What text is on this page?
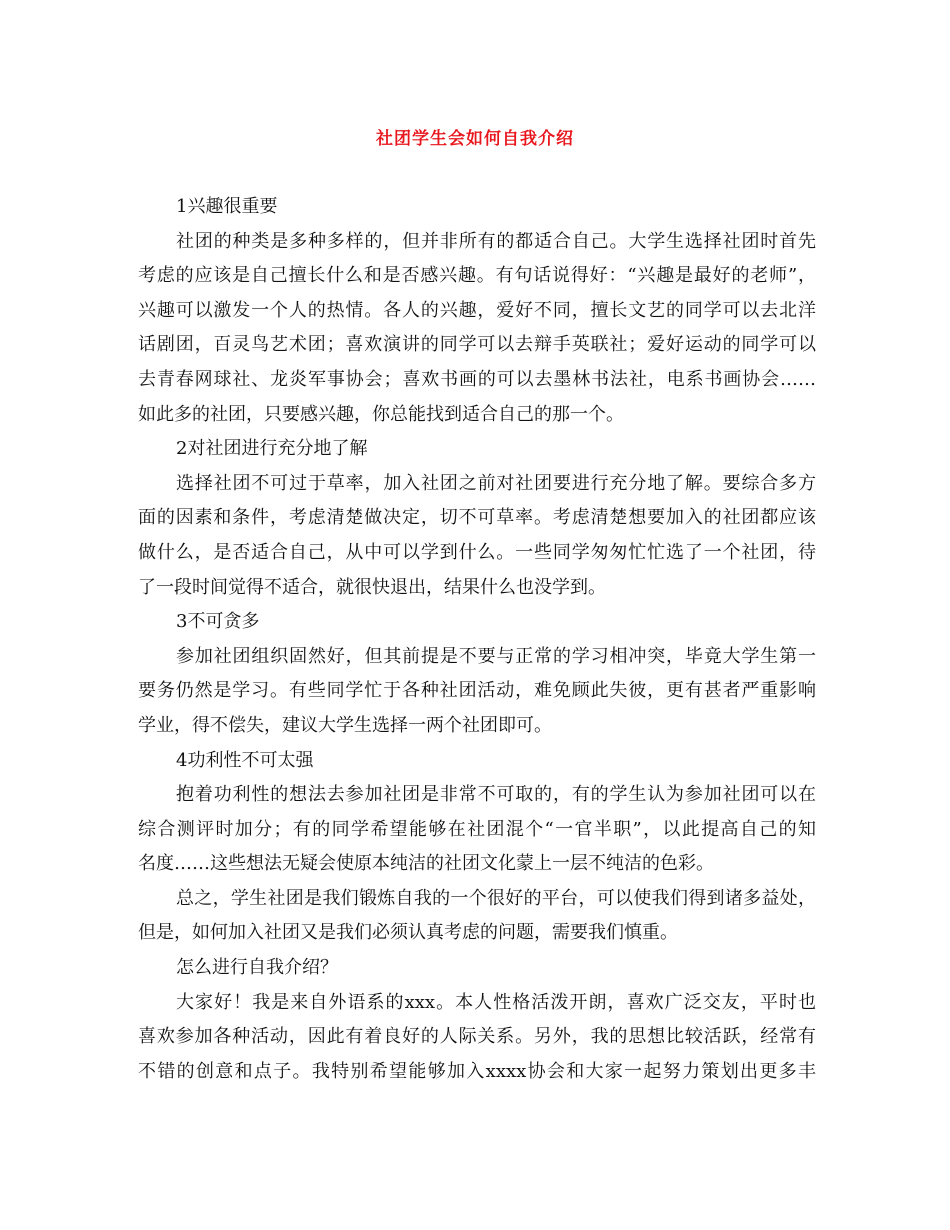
社团学生会如何自我介绍
1兴趣很重要
社团的种类是多种多样的，但并非所有的都适合自己。大学生选择社团时首先
考虑的应该是自己擅长什么和是否感兴趣。有句话说得好：“兴趣是最好的老师”，
兴趣可以激发一个人的热情。各人的兴趣，爱好不同，擅长文艺的同学可以去北洋
话剧团，百灵鸟艺术团；喜欢演讲的同学可以去辩手英联社；爱好运动的同学可以
去青春网球社、龙炎军事协会；喜欢书画的可以去墨林书法社，电系书画协会……
如此多的社团，只要感兴趣，你总能找到适合自己的那一个。
2对社团进行充分地了解
选择社团不可过于草率，加入社团之前对社团要进行充分地了解。要综合多方
面的因素和条件，考虑清楚做决定，切不可草率。考虑清楚想要加入的社团都应该
做什么，是否适合自己，从中可以学到什么。一些同学匆匆忙忙选了一个社团，待
了一段时间觉得不适合，就很快退出，结果什么也没学到。
3不可贪多
参加社团组织固然好，但其前提是不要与正常的学习相冲突，毕竟大学生第一
要务仍然是学习。有些同学忙于各种社团活动，难免顾此失彼，更有甚者严重影响
学业，得不偿失，建议大学生选择一两个社团即可。
4功利性不可太强
抱着功利性的想法去参加社团是非常不可取的，有的学生认为参加社团可以在
综合测评时加分；有的同学希望能够在社团混个“一官半职”，以此提高自己的知
名度……这些想法无疑会使原本纯洁的社团文化蒙上一层不纯洁的色彩。
总之，学生社团是我们锻炼自我的一个很好的平台，可以使我们得到诸多益处，
但是，如何加入社团又是我们必须认真考虑的问题，需要我们慎重。
怎么进行自我介绍？
大家好！我是来自外语系的xxx。本人性格活泼开朗，喜欢广泛交友，平时也
喜欢参加各种活动，因此有着良好的人际关系。另外，我的思想比较活跃，经常有
不错的创意和点子。我特别希望能够加入xxxx协会和大家一起努力策划出更多丰
